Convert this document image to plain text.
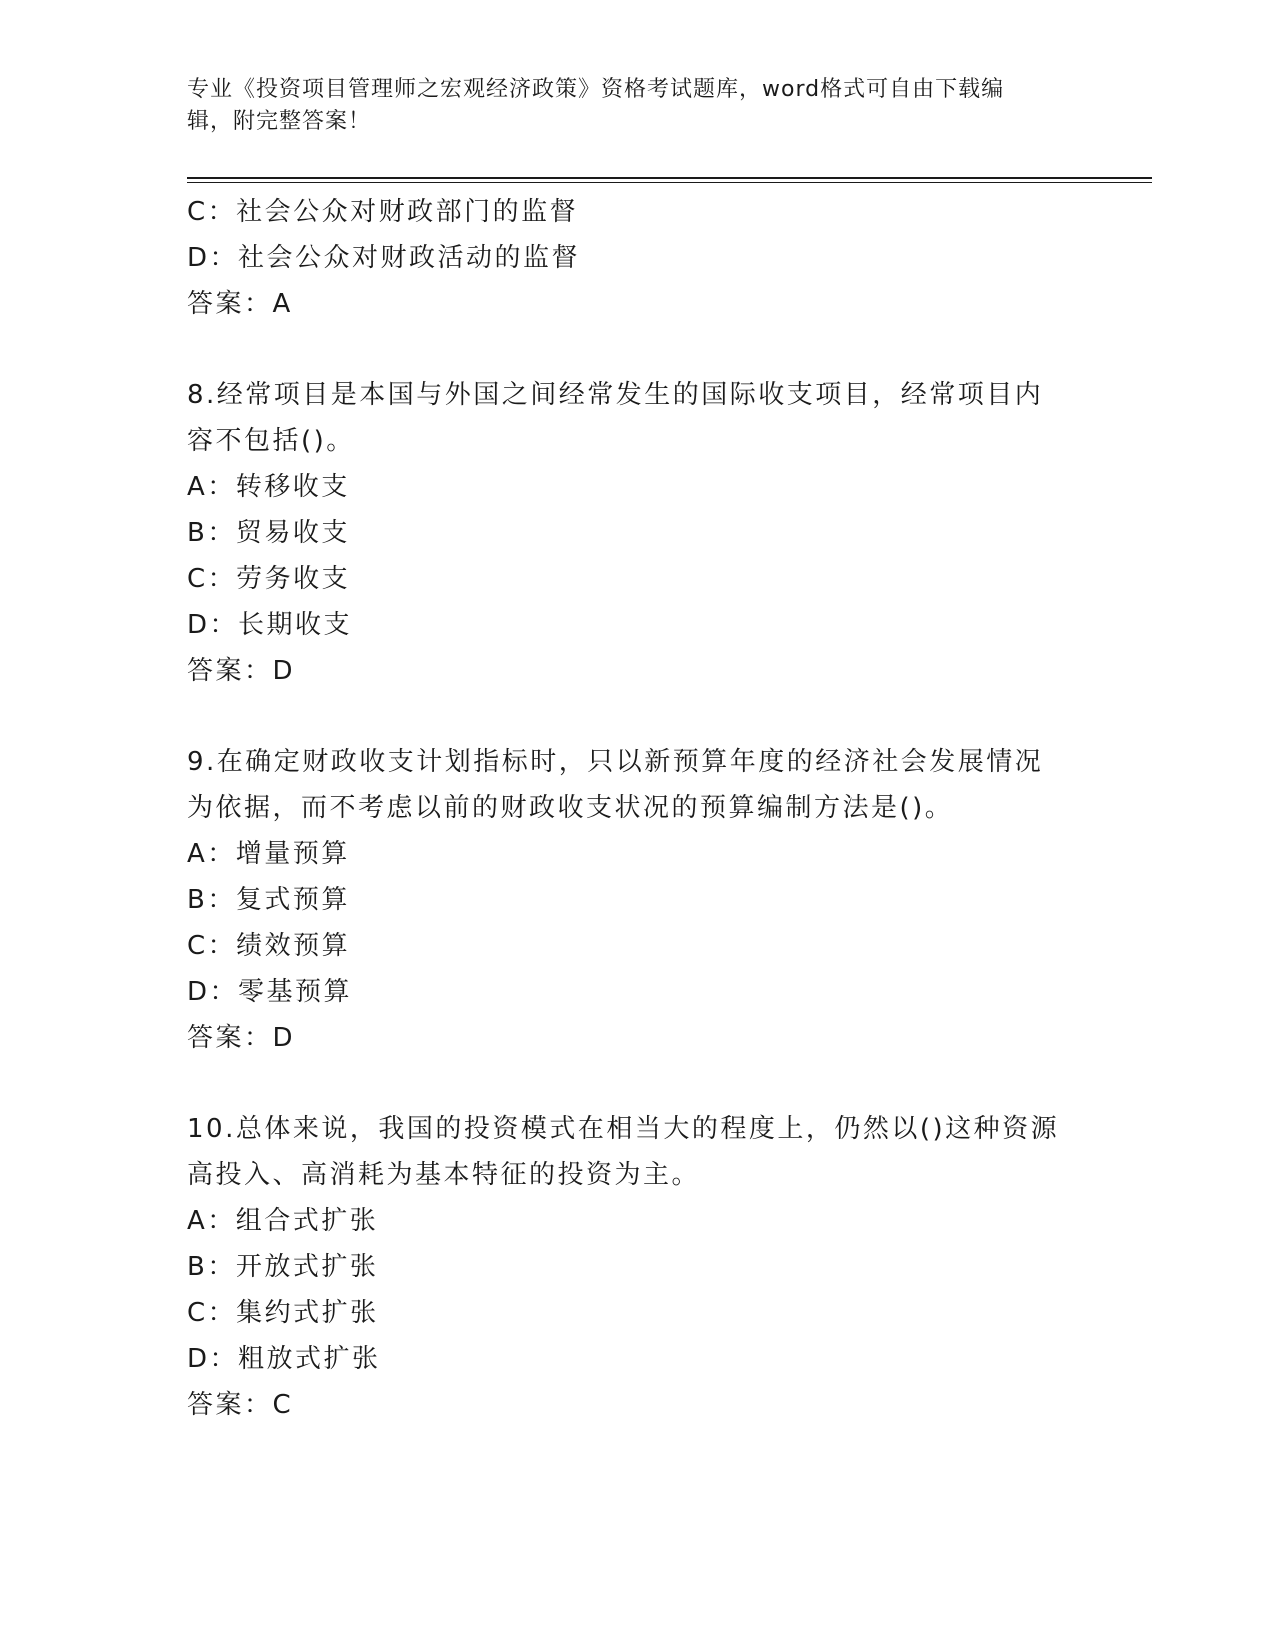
专业《投资项目管理师之宏观经济政策》资格考试题库，word格式可自由下载编
辑，附完整答案！
C：社会公众对财政部门的监督
D：社会公众对财政活动的监督
答案：A
8.经常项目是本国与外国之间经常发生的国际收支项目，经常项目内
容不包括()。
A：转移收支
B：贸易收支
C：劳务收支
D：长期收支
答案：D
9.在确定财政收支计划指标时，只以新预算年度的经济社会发展情况
为依据，而不考虑以前的财政收支状况的预算编制方法是()。
A：增量预算
B：复式预算
C：绩效预算
D：零基预算
答案：D
10.总体来说，我国的投资模式在相当大的程度上，仍然以()这种资源
高投入、高消耗为基本特征的投资为主。
A：组合式扩张
B：开放式扩张
C：集约式扩张
D：粗放式扩张
答案：C
